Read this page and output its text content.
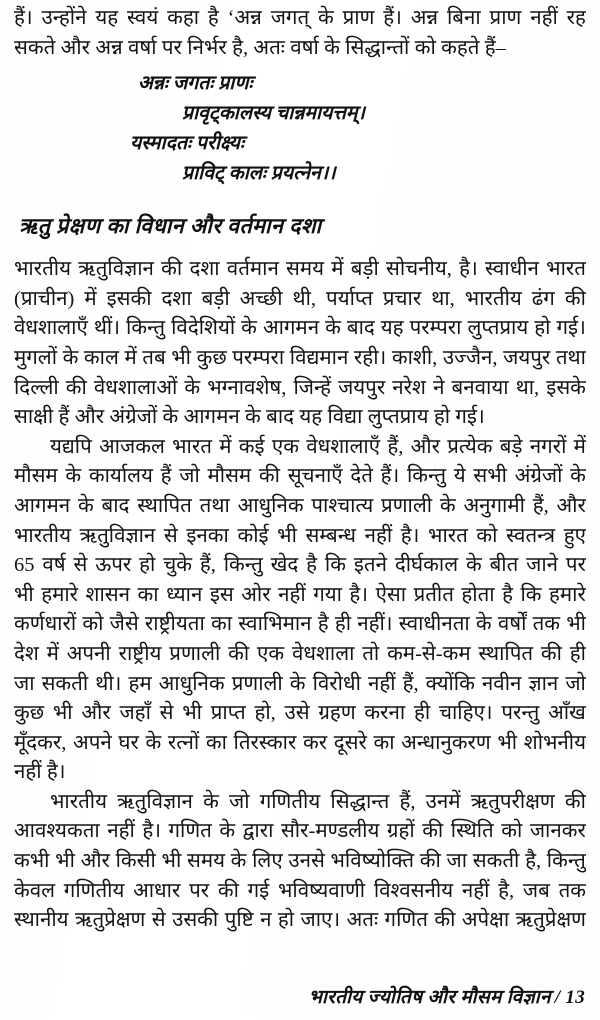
हैं। उन्होंने यह स्वयं कहा है ‘अन्न जगत् के प्राण हैं। अन्न बिना प्राण नहीं रह
सकते और अन्न वर्षा पर निर्भर है, अतः वर्षा के सिद्धान्तों को कहते हैं–
अन्नः जगतः प्राणः
प्रावृट्कालस्य चान्नमायत्तम्।
यस्मादतः परीक्ष्यः
प्राविट् कालः प्रयत्नेन।।
ऋतु प्रेक्षण का विधान और वर्तमान दशा
भारतीय ऋतुविज्ञान की दशा वर्तमान समय में बड़ी सोचनीय, है। स्वाधीन भारत
(प्राचीन) में इसकी दशा बड़ी अच्छी थी, पर्याप्त प्रचार था, भारतीय ढंग की
वेधशालाएँ थीं। किन्तु विदेशियों के आगमन के बाद यह परम्परा लुप्तप्राय हो गई।
मुगलों के काल में तब भी कुछ परम्परा विद्यमान रही। काशी, उज्जैन, जयपुर तथा
दिल्ली की वेधशालाओं के भग्नावशेष, जिन्हें जयपुर नरेश ने बनवाया था, इसके
साक्षी हैं और अंग्रेजों के आगमन के बाद यह विद्या लुप्तप्राय हो गई।
यद्यपि आजकल भारत में कई एक वेधशालाएँ हैं, और प्रत्येक बड़े नगरों में
मौसम के कार्यालय हैं जो मौसम की सूचनाएँ देते हैं। किन्तु ये सभी अंग्रेजों के
आगमन के बाद स्थापित तथा आधुनिक पाश्चात्य प्रणाली के अनुगामी हैं, और
भारतीय ऋतुविज्ञान से इनका कोई भी सम्बन्ध नहीं है। भारत को स्वतन्त्र हुए
65 वर्ष से ऊपर हो चुके हैं, किन्तु खेद है कि इतने दीर्घकाल के बीत जाने पर
भी हमारे शासन का ध्यान इस ओर नहीं गया है। ऐसा प्रतीत होता है कि हमारे
कर्णधारों को जैसे राष्ट्रीयता का स्वाभिमान है ही नहीं। स्वाधीनता के वर्षों तक भी
देश में अपनी राष्ट्रीय प्रणाली की एक वेधशाला तो कम-से-कम स्थापित की ही
जा सकती थी। हम आधुनिक प्रणाली के विरोधी नहीं हैं, क्योंकि नवीन ज्ञान जो
कुछ भी और जहाँ से भी प्राप्त हो, उसे ग्रहण करना ही चाहिए। परन्तु आँख
मूँदकर, अपने घर के रत्नों का तिरस्कार कर दूसरे का अन्धानुकरण भी शोभनीय
नहीं है।
भारतीय ऋतुविज्ञान के जो गणितीय सिद्धान्त हैं, उनमें ऋतुपरीक्षण की
आवश्यकता नहीं है। गणित के द्वारा सौर-मण्डलीय ग्रहों की स्थिति को जानकर
कभी भी और किसी भी समय के लिए उनसे भविष्योक्ति की जा सकती है, किन्तु
केवल गणितीय आधार पर की गई भविष्यवाणी विश्वसनीय नहीं है, जब तक
स्थानीय ऋतुप्रेक्षण से उसकी पुष्टि न हो जाए। अतः गणित की अपेक्षा ऋतुप्रेक्षण
भारतीय ज्योतिष और मौसम विज्ञान / 13
